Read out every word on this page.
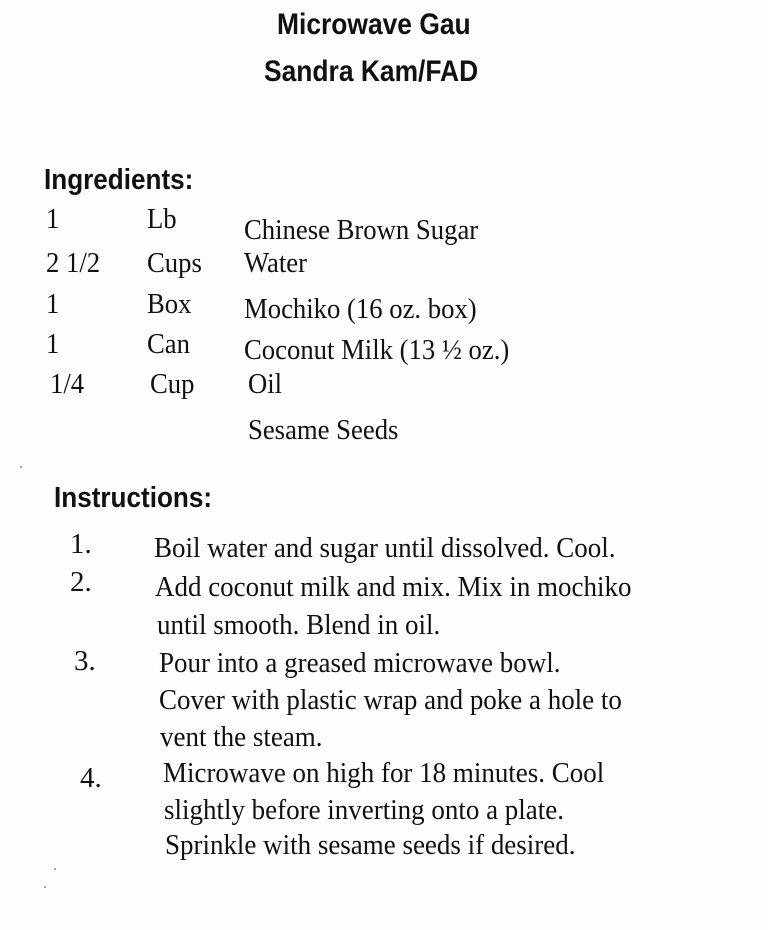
Microwave Gau
Sandra Kam/FAD
Ingredients:
1	Lb Chinese Brown Sugar
2 1/2 Cups Water
1	Box Mochiko (16 oz. box)
1	Can Coconut Milk (13 ½ oz.)
1/4 Cup Oil
Sesame Seeds
Instructions:
1. Boil water and sugar until dissolved. Cool.
2. Add coconut milk and mix. Mix in mochiko
until smooth. Blend in oil.
3. Pour into a greased microwave bowl.
Cover with plastic wrap and poke a hole to
vent the steam.
4. Microwave on high for 18 minutes. Cool
slightly before inverting onto a plate.
Sprinkle with sesame seeds if desired.
